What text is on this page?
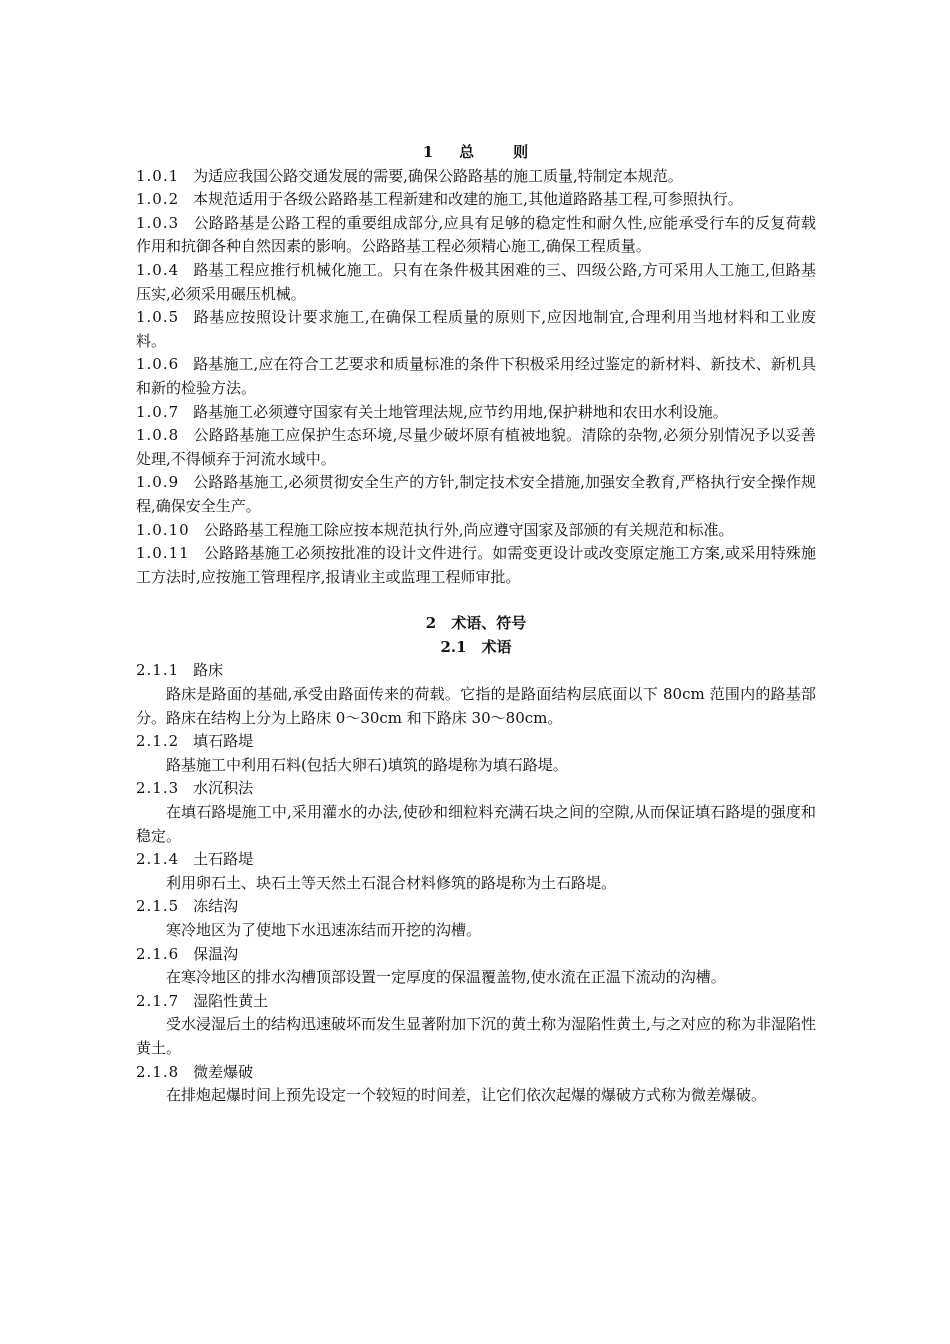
1 总	则

1.0.1 为适应我国公路交通发展的需要,确保公路路基的施工质量,特制定本规范。

1.0.2 本规范适用于各级公路路基工程新建和改建的施工,其他道路路基工程,可参照执行。

1.0.3 公路路基是公路工程的重要组成部分,应具有足够的稳定性和耐久性,应能承受行车的反复荷载作用和抗御各种自然因素的影响。公路路基工程必须精心施工,确保工程质量。

1.0.4 路基工程应推行机械化施工。只有在条件极其困难的三、四级公路,方可采用人工施工,但路基压实,必须采用碾压机械。

1.0.5 路基应按照设计要求施工,在确保工程质量的原则下,应因地制宜,合理利用当地材料和工业废料。

1.0.6 路基施工,应在符合工艺要求和质量标准的条件下积极采用经过鉴定的新材料、新技术、新机具和新的检验方法。

1.0.7 路基施工必须遵守国家有关土地管理法规,应节约用地,保护耕地和农田水利设施。

1.0.8 公路路基施工应保护生态环境,尽量少破坏原有植被地貌。清除的杂物,必须分别情况予以妥善处理,不得倾弃于河流水域中。

1.0.9 公路路基施工,必须贯彻安全生产的方针,制定技术安全措施,加强安全教育,严格执行安全操作规程,确保安全生产。

1.0.10 公路路基工程施工除应按本规范执行外,尚应遵守国家及部颁的有关规范和标准。

1.0.11 公路路基施工必须按批准的设计文件进行。如需变更设计或改变原定施工方案,或采用特殊施工方法时,应按施工管理程序,报请业主或监理工程师审批。

2　术语、符号

2.1　术语

2.1.1 路床

路床是路面的基础,承受由路面传来的荷载。它指的是路面结构层底面以下 80cm 范围内的路基部分。路床在结构上分为上路床 0～30cm 和下路床 30～80cm。

2.1.2 填石路堤

路基施工中利用石料(包括大卵石)填筑的路堤称为填石路堤。

2.1.3 水沉积法

在填石路堤施工中,采用灌水的办法,使砂和细粒料充满石块之间的空隙,从而保证填石路堤的强度和稳定。

2.1.4 土石路堤

利用卵石土、块石土等天然土石混合材料修筑的路堤称为土石路堤。

2.1.5 冻结沟

寒冷地区为了使地下水迅速冻结而开挖的沟槽。

2.1.6 保温沟

在寒冷地区的排水沟槽顶部设置一定厚度的保温覆盖物,使水流在正温下流动的沟槽。

2.1.7 湿陷性黄土

受水浸湿后土的结构迅速破坏而发生显著附加下沉的黄土称为湿陷性黄土,与之对应的称为非湿陷性黄土。

2.1.8 微差爆破

在排炮起爆时间上预先设定一个较短的时间差，让它们依次起爆的爆破方式称为微差爆破。
